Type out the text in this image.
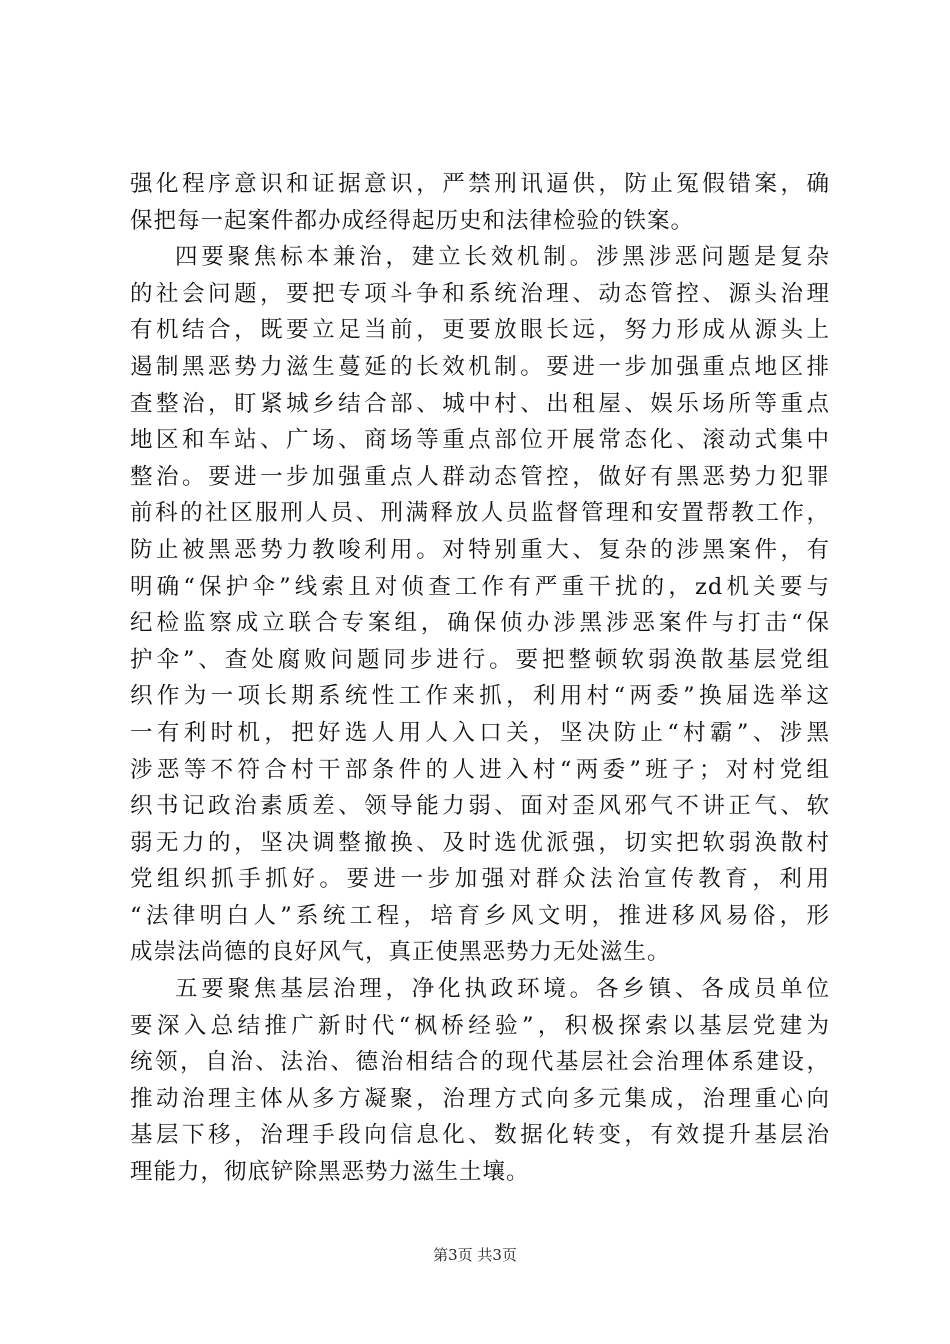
强化程序意识和证据意识，严禁刑讯逼供，防止冤假错案，确
保把每一起案件都办成经得起历史和法律检验的铁案。
四要聚焦标本兼治，建立长效机制。涉黑涉恶问题是复杂
的社会问题，要把专项斗争和系统治理、动态管控、源头治理
有机结合，既要立足当前，更要放眼长远，努力形成从源头上
遏制黑恶势力滋生蔓延的长效机制。要进一步加强重点地区排
查整治，盯紧城乡结合部、城中村、出租屋、娱乐场所等重点
地区和车站、广场、商场等重点部位开展常态化、滚动式集中
整治。要进一步加强重点人群动态管控，做好有黑恶势力犯罪
前科的社区服刑人员、刑满释放人员监督管理和安置帮教工作，
防止被黑恶势力教唆利用。对特别重大、复杂的涉黑案件，有
明确“保护伞”线索且对侦查工作有严重干扰的，zd机关要与
纪检监察成立联合专案组，确保侦办涉黑涉恶案件与打击“保
护伞”、查处腐败问题同步进行。要把整顿软弱涣散基层党组
织作为一项长期系统性工作来抓，利用村“两委”换届选举这
一有利时机，把好选人用人入口关，坚决防止“村霸”、涉黑
涉恶等不符合村干部条件的人进入村“两委”班子；对村党组
织书记政治素质差、领导能力弱、面对歪风邪气不讲正气、软
弱无力的，坚决调整撤换、及时选优派强，切实把软弱涣散村
党组织抓手抓好。要进一步加强对群众法治宣传教育，利用
“法律明白人”系统工程，培育乡风文明，推进移风易俗，形
成崇法尚德的良好风气，真正使黑恶势力无处滋生。
五要聚焦基层治理，净化执政环境。各乡镇、各成员单位
要深入总结推广新时代“枫桥经验”，积极探索以基层党建为
统领，自治、法治、德治相结合的现代基层社会治理体系建设，
推动治理主体从多方凝聚，治理方式向多元集成，治理重心向
基层下移，治理手段向信息化、数据化转变，有效提升基层治
理能力，彻底铲除黑恶势力滋生土壤。
第3页 共3页
